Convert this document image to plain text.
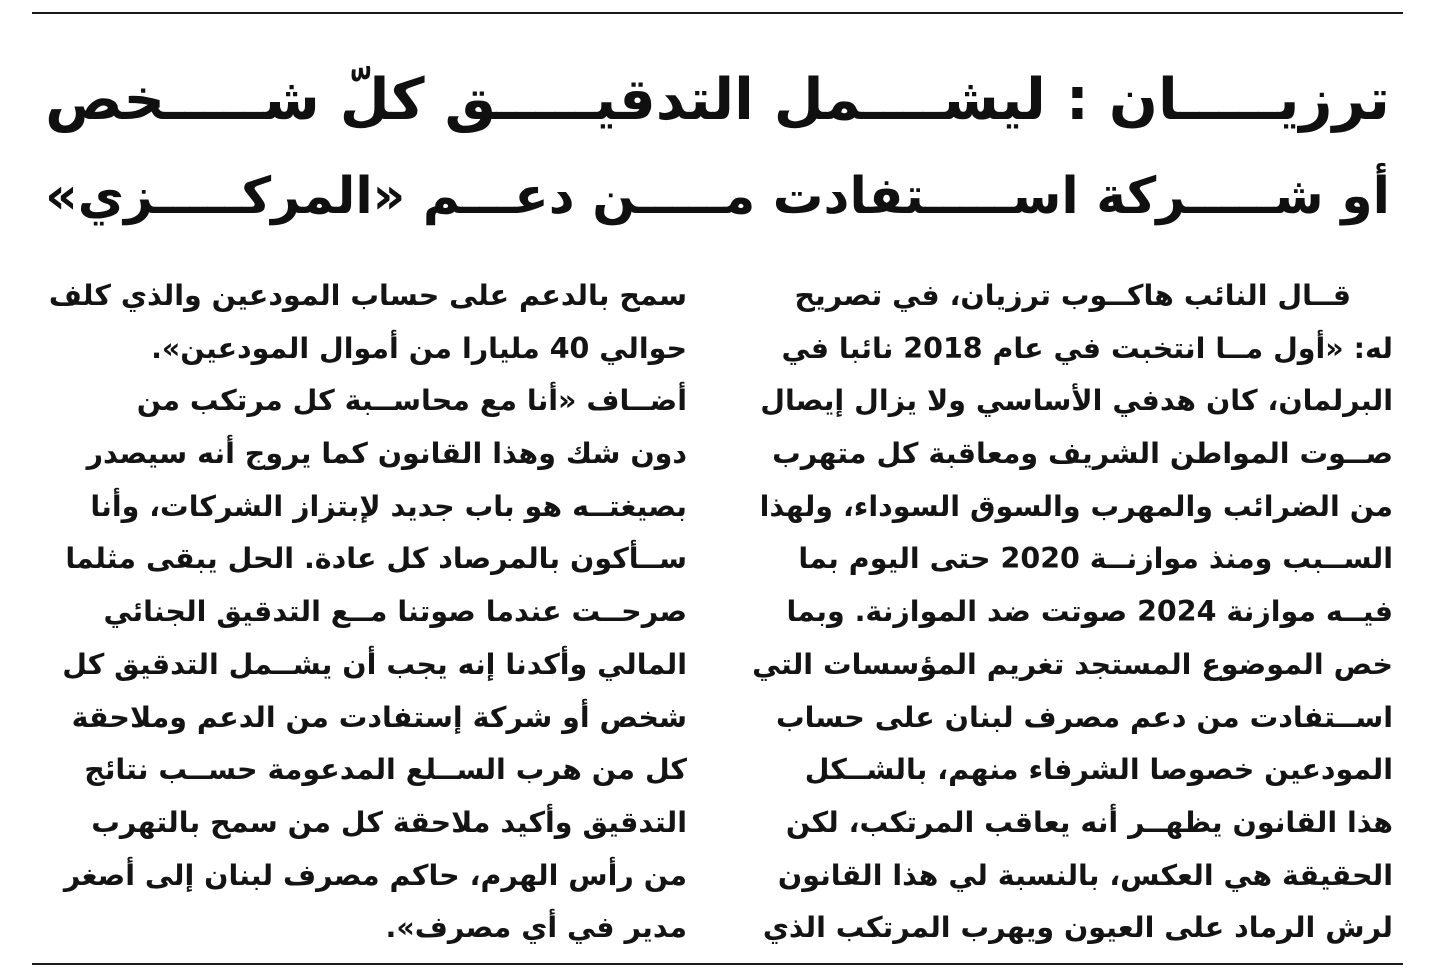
ترزيـــــان : ليشــــمل التدقيـــــق كلّ شـــــخص
أو شـــــركة اســـــتفادت مـــــن دعـــم «المركـــــزي»
قــال النائب هاكــوب ترزيان، في تصريح
له: «أول مــا انتخبت في عام 2018 نائبا في
البرلمان، كان هدفي الأساسي ولا يزال إيصال
صــوت المواطن الشريف ومعاقبة كل متهرب
من الضرائب والمهرب والسوق السوداء، ولهذا
الســبب ومنذ موازنــة 2020 حتى اليوم بما
فيــه موازنة 2024 صوتت ضد الموازنة. وبما
خص الموضوع المستجد تغريم المؤسسات التي
اســتفادت من دعم مصرف لبنان على حساب
المودعين خصوصا الشرفاء منهم، بالشــكل
هذا القانون يظهــر أنه يعاقب المرتكب، لكن
الحقيقة هي العكس، بالنسبة لي هذا القانون
لرش الرماد على العيون ويهرب المرتكب الذي
سمح بالدعم على حساب المودعين والذي كلف
حوالي 40 مليارا من أموال المودعين».
أضــاف «أنا مع محاســبة كل مرتكب من
دون شك وهذا القانون كما يروج أنه سيصدر
بصيغتــه هو باب جديد لإبتزاز الشركات، وأنا
ســأكون بالمرصاد كل عادة. الحل يبقى مثلما
صرحــت عندما صوتنا مــع التدقيق الجنائي
المالي وأكدنا إنه يجب أن يشــمل التدقيق كل
شخص أو شركة إستفادت من الدعم وملاحقة
كل من هرب الســلع المدعومة حســب نتائج
التدقيق وأكيد ملاحقة كل من سمح بالتهرب
من رأس الهرم، حاكم مصرف لبنان إلى أصغر
مدير في أي مصرف».
